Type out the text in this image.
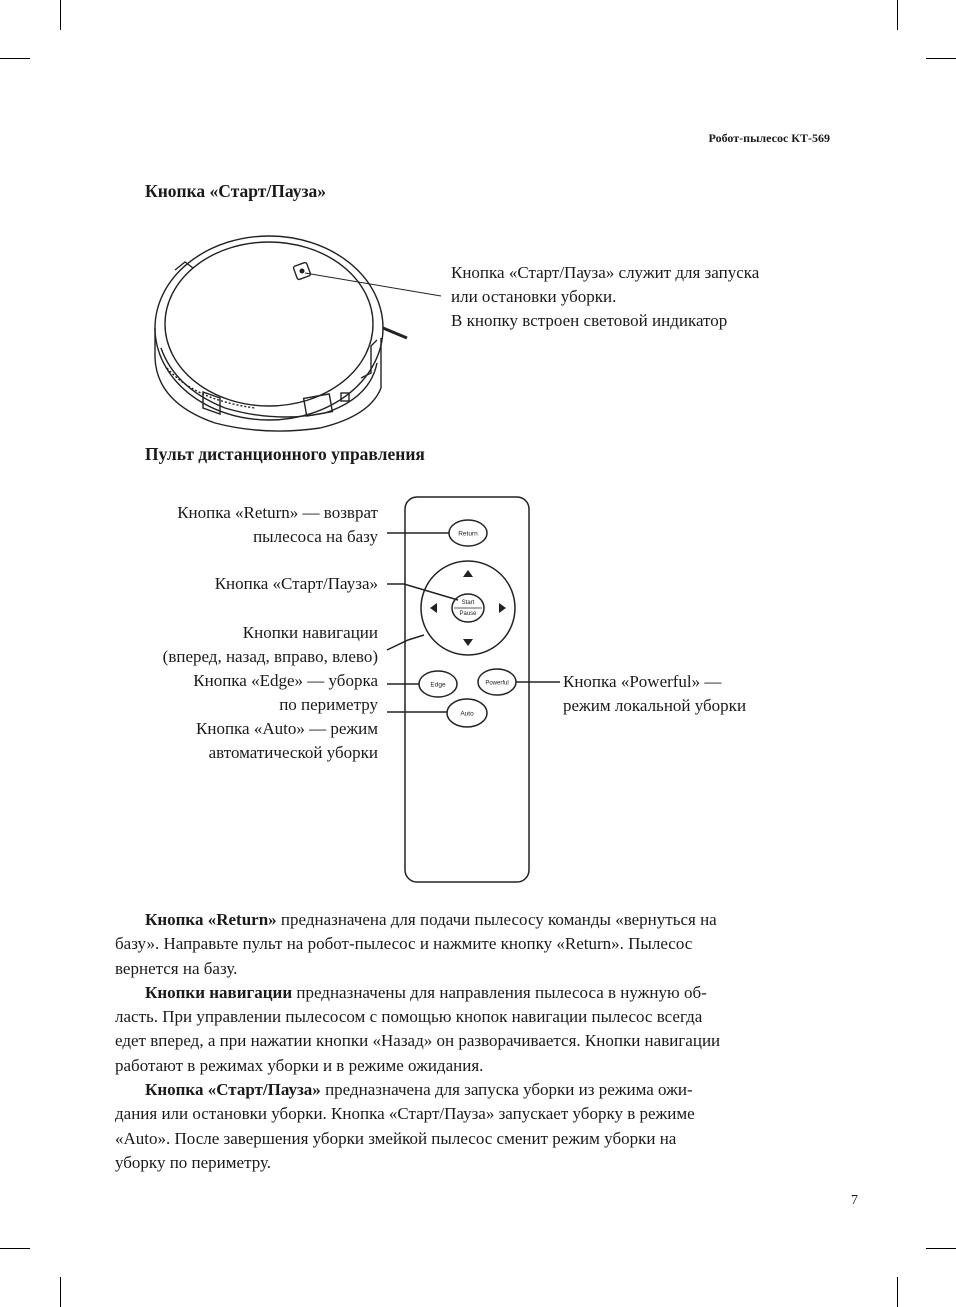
Робот-пылесос КТ-569
Кнопка «Старт/Пауза»
Кнопка «Старт/Пауза» служит для запуска
или остановки уборки.
В кнопку встроен световой индикатор
Пульт дистанционного управления
Return
Start
Pause
Edge	Powerful
Auto
Кнопка «Return» — возврат
пылесоса на базу
Кнопка «Старт/Пауза»
Кнопки навигации
(вперед, назад, вправо, влево)
Кнопка «Edge» — уборка
по периметру
Кнопка «Auto» — режим
автоматической уборки
Кнопка «Powerful» —
режим локальной уборки
Кнопка «Return» предназначена для подачи пылесосу команды «вернуться на
базу». Направьте пульт на робот-пылесос и нажмите кнопку «Return». Пылесос
вернется на базу.
Кнопки навигации предназначены для направления пылесоса в нужную об-
ласть. При управлении пылесосом с помощью кнопок навигации пылесос всегда
едет вперед, а при нажатии кнопки «Назад» он разворачивается. Кнопки навигации
работают в режимах уборки и в режиме ожидания.
Кнопка «Старт/Пауза» предназначена для запуска уборки из режима ожи-
дания или остановки уборки. Кнопка «Старт/Пауза» запускает уборку в режиме
«Auto». После завершения уборки змейкой пылесос сменит режим уборки на
уборку по периметру.
7
